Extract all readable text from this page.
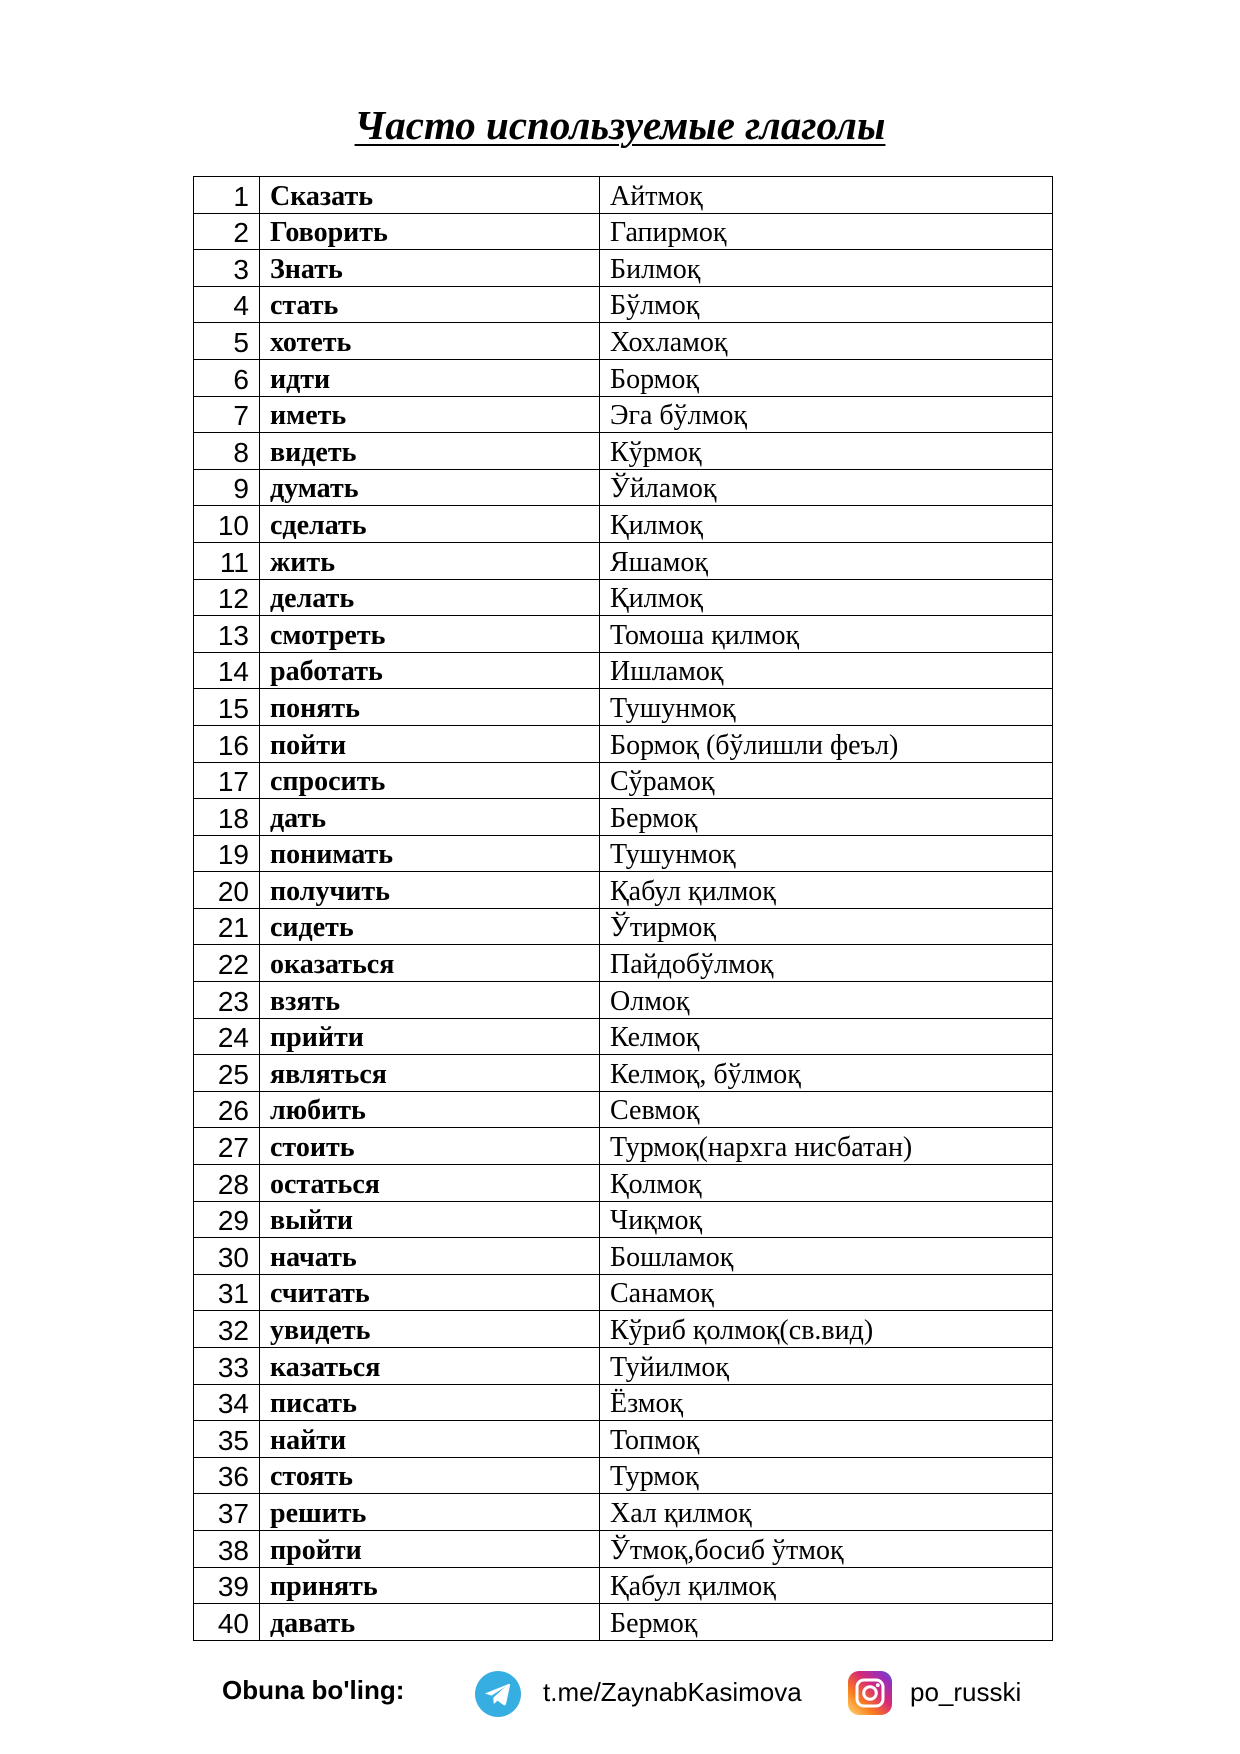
Часто используемые глаголы
1	Сказать	Айтмоқ
2	Говорить	Гапирмоқ
3	Знать	Билмоқ
4	стать	Бўлмоқ
5	хотеть	Хохламоқ
6	идти	Бормоқ
7	иметь	Эга бўлмоқ
8	видеть	Кўрмоқ
9	думать	Ўйламоқ
10	сделать	Қилмоқ
11	жить	Яшамоқ
12	делать	Қилмоқ
13	смотреть	Томоша қилмоқ
14	работать	Ишламоқ
15	понять	Тушунмоқ
16	пойти	Бормоқ (бўлишли феъл)
17	спросить	Сўрамоқ
18	дать	Бермоқ
19	понимать	Тушунмоқ
20	получить	Қабул қилмоқ
21	сидеть	Ўтирмоқ
22	оказаться	Пайдобўлмоқ
23	взять	Олмоқ
24	прийти	Келмоқ
25	являться	Келмоқ, бўлмоқ
26	любить	Севмоқ
27	стоить	Турмоқ(нархга нисбатан)
28	остаться	Қолмоқ
29	выйти	Чиқмоқ
30	начать	Бошламоқ
31	считать	Санамоқ
32	увидеть	Кўриб қолмоқ(св.вид)
33	казаться	Туйилмоқ
34	писать	Ёзмоқ
35	найти	Топмоқ
36	стоять	Турмоқ
37	решить	Хал қилмоқ
38	пройти	Ўтмоқ,босиб ўтмоқ
39	принять	Қабул қилмоқ
40	давать	Бермоқ
Obuna bo'ling:	t.me/ZaynabKasimova	po_russki
